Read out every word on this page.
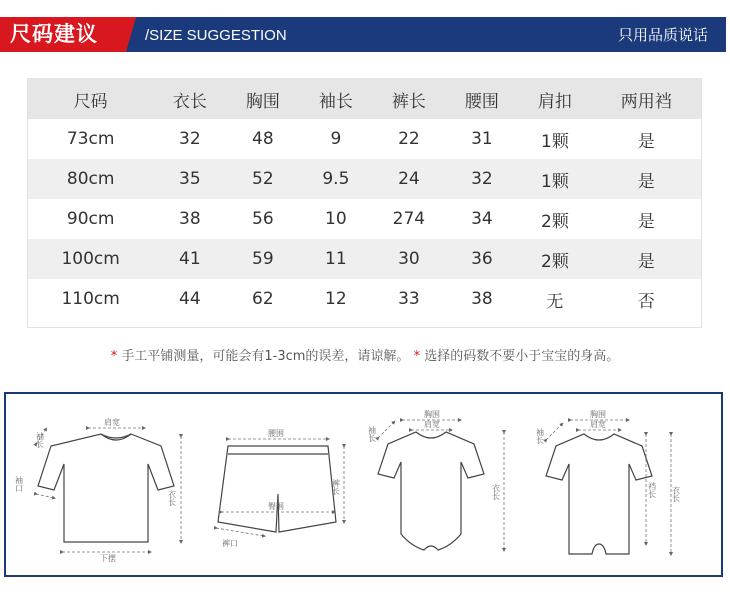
尺码建议	/SIZE SUGGESTION	只用品质说话
尺码	衣长	胸围	袖长	裤长	腰围	肩扣	两用裆
73cm	32	48	9	22	31	1颗	是
80cm	35	52	9.5	24	32	1颗	是
90cm	38	56	10	274	34	2颗	是
100cm	41	59	11	30	36	2颗	是
110cm	44	62	12	33	38	无	否
* 手工平铺测量，可能会有1-3cm的误差，请谅解。 * 选择的码数不要小于宝宝的身高。
肩宽
下摆
衣长
袖长
袖口
腰围
裤长
臀围
裤口
胸围
肩宽
衣长
袖长
胸围
肩宽
裆长 衣长
袖长
